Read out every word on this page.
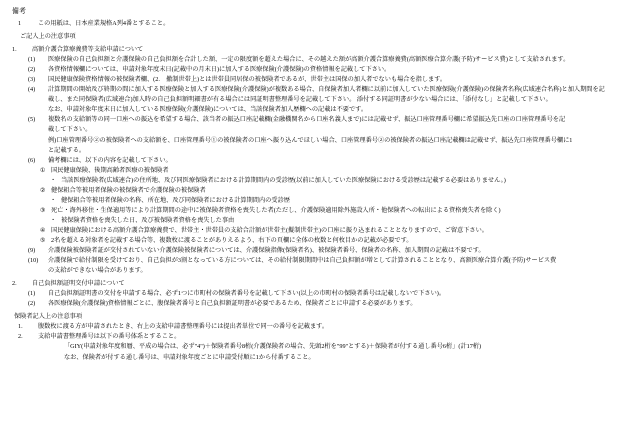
備考
1	この用紙は、日本産業規格A列4番とすること。
ご記入上の注意事項
1.	高額介護合算療養費等支給申請について
(1)	医療保険の自己負担額と介護保険の自己負担額を合計した額、一定の限度額を超えた場合に、その越えた額が高額介護合算療養費(高額医療合算介護(予防)サービス費)として支給されます。
(2)	各資格情報欄については、申請対象年度末日(記載中の月末日)に加入する医療保険(介護保険)の資格情報を記載して下さい。
(3)	国民健康保険資格情報の被保険者欄、(2.　撤制世帯上)とは世帯員同居保の被保険者であるが、世帯主は国保の加入者でないも場合を指します。
(4)	計算期間の開始及び終期の間に加入する医療保険と加入する医療保険(介護保険)が複数ある場合、自保険者加入者欄に以前に加入していた医療保険(介護保険)の保険者名称(広域連合名称)と加入期間を記
載し、また同保険者(広域連合)加入時の自己負担額明細書が有る場合には同証明書整理番号を記載して下さい。 添付する同証明書が少ない場合には、「添付なし」と記載して下さい。
なお、申請対象年度末日に加入している医療保険(介護保険)については、当該保険者加入歴欄への記載は不要です。
(5)	複数名の支給額等の同一口座への振込を希望する場合、該当者の振込口座記載欄(金融機関名から口座名義人まで)には記載せず、振込口座管理番号欄に希望振込先口座の口座管理番号を記
載して下さい。
例)口座管理番号②の被保険者への支給額を、口座管理番号①の被保険者の口座へ振り込んでほしい場合、口座管理番号②の被保険者の振込口座記載欄は記載せず、振込先口座管理番号欄に1
と記載する。
(6)	備考欄には、以下の内容を記載して下さい。
① 国民健康保険、後期高齢者医療の被保険者
・ 当該医療保険者(広域連合)の住所地、及び同医療保険者における計算期間内の受診歴(以前に加入していた医療保険における受診歴は記載する必要はありません。)
② 健保組合等被用者保険の被保険者で介護保険の被保険者
・ 健保組合等被用者保険の名称、所在地、及び同保険者における計算期間内の受診歴
③ 死亡・海外移住・生保適用等により計算期間の途中に被保険者資格を喪失した者(ただし、介護保険適用除外施設入所・他保険者への転出による資格喪失者を除く)
・ 被保険者資格を喪失した日、及び被保険者資格を喪失した事由
④ 国民健康保険における高額介護合算療養費で、世帯主・世帯員の支給合計額が世帯主(擬制世帯主)の口座に振り込まれることとなりますので、ご留意下さい。
⑤ 2名を超える対象者を記載する場合等、複数枚に渡ることがありえるよう、右下の頁欄に全体の枚数と何枚目かの記載が必要です。
(9)	介護保険被保険者証が交付されていない介護保険被保険者については、介護保険指像(保険者名)、被保険者番号、保険者の名称、加入期間の記載は不要です。
(10)	介護保険で給付制限を受けており、自己負担が3割となっている方については、その給付制限期間中は自己負担額が増として計算されることとなり、高額医療合算介護(予防)サービス費
の支給ができない場合があります。
2.	自己負担額証明交付申請について
(1)	自己負担額証明書の交付を申請する場合、必ず1つに市町村の保険者番号を記載して下さい(以上の市町村の保険者番号は記載しないで下さい)。
(2)	各医療保険(介護保険)資格情報ごとに、腹保険者番号と自己負担額証明書が必要であるため、保険者ごとに申請する必要があります。
保険者記入上の注意事項
1.	腹数枚に渡る方が申請されたとき、右上の支給申請書整理番号には提出者単位で同一の番号を記載ます。
2.	支給申請書整理番号は以下の番号体系とすること。
「GIY(申請対象年度和暦、平成の場合は、必ず"4")＋保険者番号8桁(介護保険者の場合、先頭2桁を"99"とする)＋保険者が付する通し番号6桁」(計17桁)
なお、保険者が付する通し番号は、申請対象年度ごとに申請受付順に1から付番すること。
